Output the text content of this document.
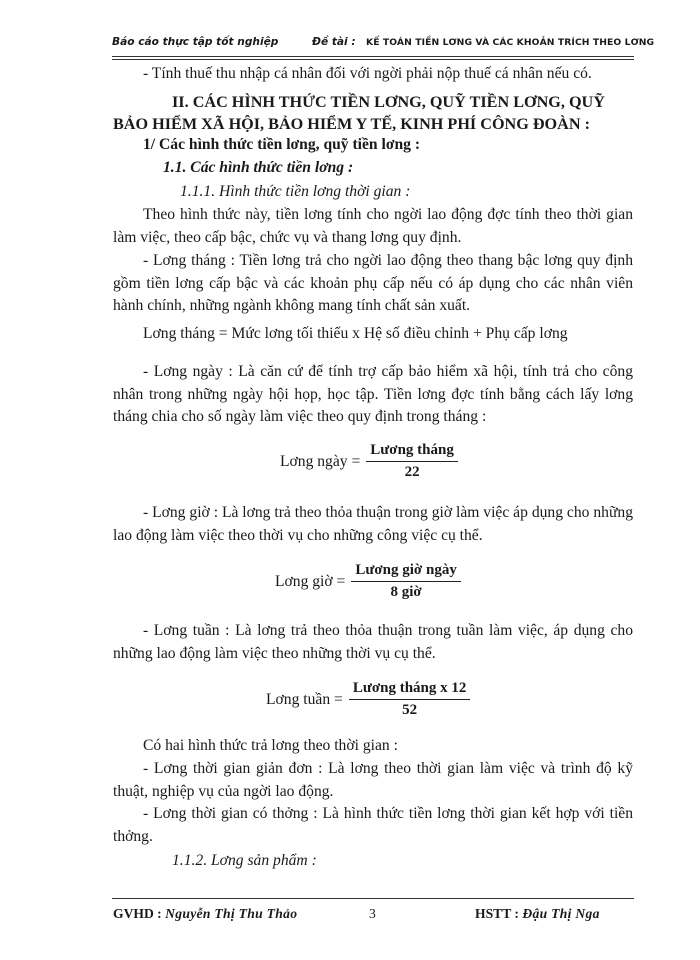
Báo cáo thực tập tốt nghiệp	Đề tài : KẾ TOÁN TIỀN LƠNG VÀ CÁC KHOẢN TRÍCH THEO LƠNG
- Tính thuế thu nhập cá nhân đối với ngời phải nộp thuế cá nhân nếu có.
II. CÁC HÌNH THỨC TIỀN LƠNG, QUỸ TIỀN LƠNG, QUỸ
BẢO HIỂM XÃ HỘI, BẢO HIỂM Y TẾ, KINH PHÍ CÔNG ĐOÀN :
1/ Các hình thức tiền lơng, quỹ tiền lơng :
1.1. Các hình thức tiền lơng :
1.1.1. Hình thức tiền lơng thời gian :
Theo hình thức này, tiền lơng tính cho ngời lao động đợc tính theo thời gian làm việc, theo cấp bậc, chức vụ và thang lơng quy định.
- Lơng tháng : Tiền lơng trả cho ngời lao động theo thang bậc lơng quy định gồm tiền lơng cấp bậc và các khoản phụ cấp nếu có áp dụng cho các nhân viên hành chính, những ngành không mang tính chất sản xuất.
Lơng tháng = Mức lơng tối thiểu x Hệ số điều chỉnh + Phụ cấp lơng
- Lơng ngày : Là căn cứ để tính trợ cấp bảo hiểm xã hội, tính trả cho công nhân trong những ngày hội họp, học tập. Tiền lơng đợc tính bằng cách lấy lơng tháng chia cho số ngày làm việc theo quy định trong tháng :
Lơng ngày = $\frac{\text{Lương tháng}}{22}$
- Lơng giờ : Là lơng trả theo thỏa thuận trong giờ làm việc áp dụng cho những lao động làm việc theo thời vụ cho những công việc cụ thể.
Lơng giờ = $\frac{\text{Lương giờ ngày}}{\text{8 giờ}}$
- Lơng tuần : Là lơng trả theo thỏa thuận trong tuần làm việc, áp dụng cho những lao động làm việc theo những thời vụ cụ thể.
Lơng tuần = $\frac{\text{Lương tháng x 12}}{52}$
Có hai hình thức trả lơng theo thời gian :
- Lơng thời gian giản đơn : Là lơng theo thời gian làm việc và trình độ kỹ thuật, nghiệp vụ của ngời lao động.
- Lơng thời gian có thởng : Là hình thức tiền lơng thời gian kết hợp với tiền thởng.
1.1.2. Lơng sản phẩm :
GVHD : Nguyễn Thị Thu Thảo	3	HSTT : Đậu Thị Nga
